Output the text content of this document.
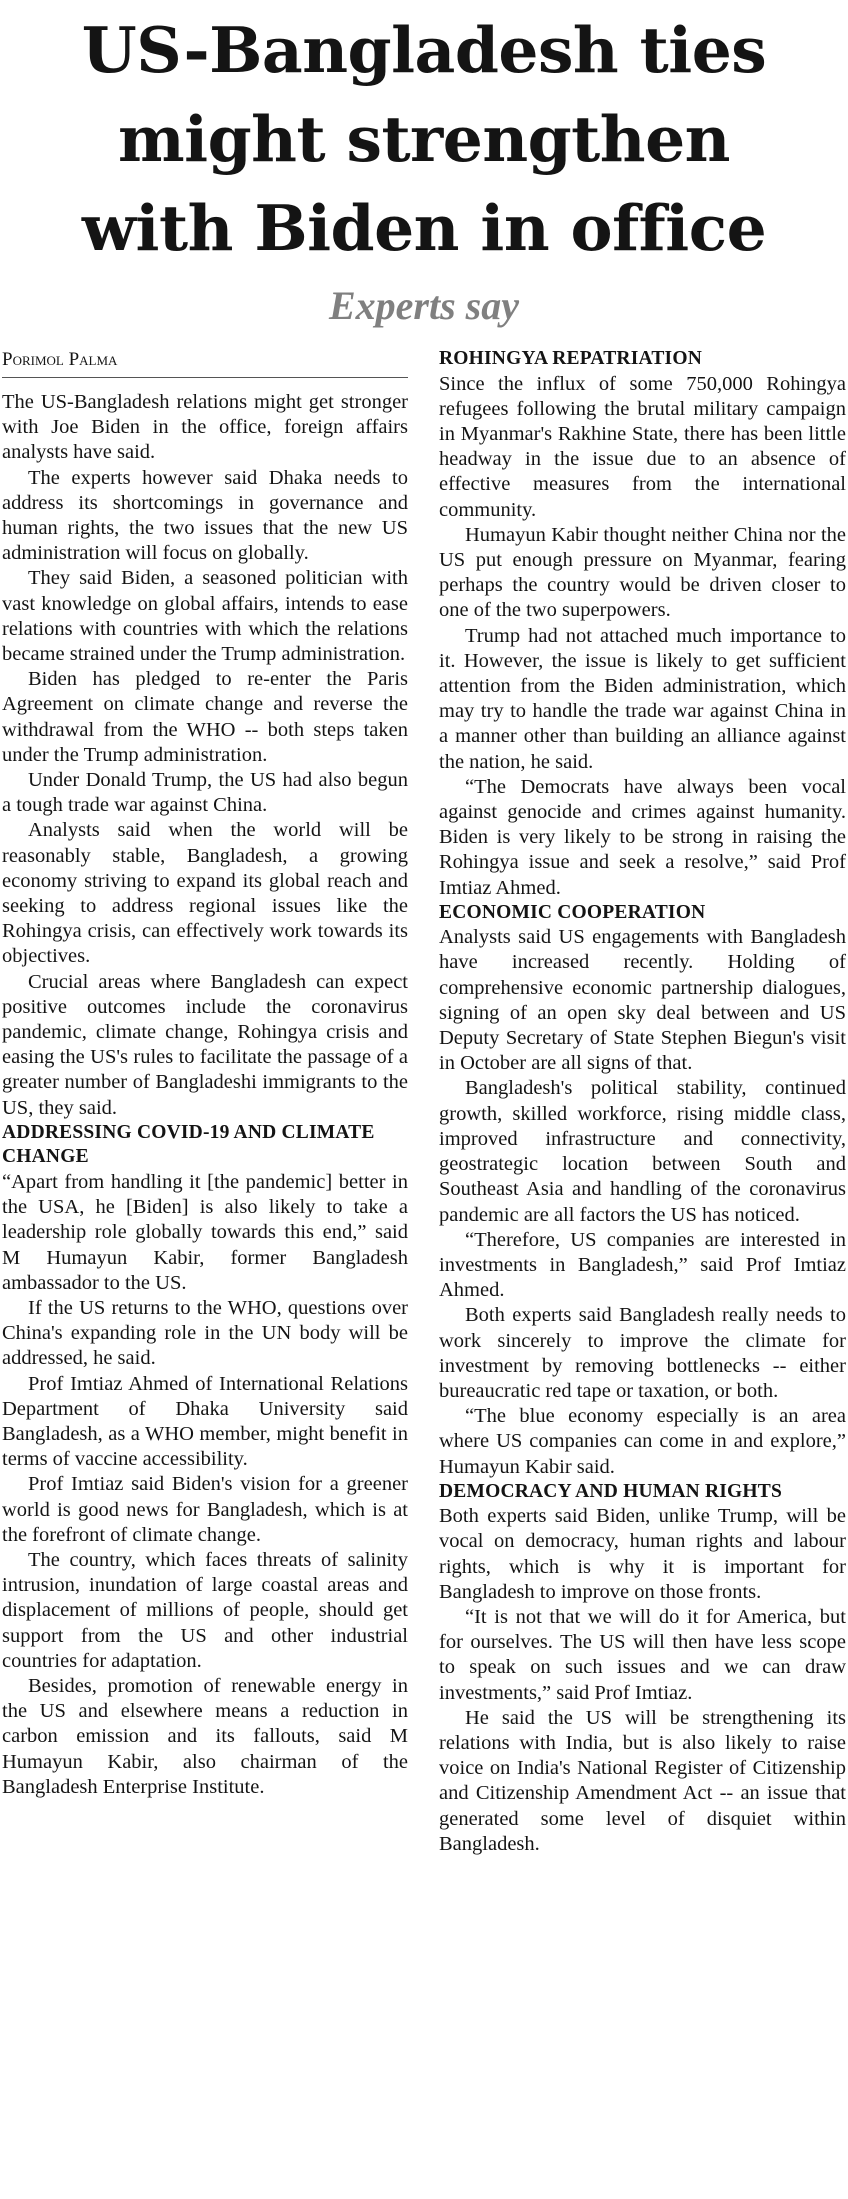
US-Bangladesh ties
might strengthen
with Biden in office
Experts say
Porimol Palma

The US-Bangladesh relations might get stronger with Joe Biden in the office, foreign affairs analysts have said.

The experts however said Dhaka needs to address its shortcomings in governance and human rights, the two issues that the new US administration will focus on globally.

They said Biden, a seasoned politician with vast knowledge on global affairs, intends to ease relations with countries with which the relations became strained under the Trump administration.

Biden has pledged to re-enter the Paris Agreement on climate change and reverse the withdrawal from the WHO -- both steps taken under the Trump administration.

Under Donald Trump, the US had also begun a tough trade war against China.

Analysts said when the world will be reasonably stable, Bangladesh, a growing economy striving to expand its global reach and seeking to address regional issues like the Rohingya crisis, can effectively work towards its objectives.

Crucial areas where Bangladesh can expect positive outcomes include the coronavirus pandemic, climate change, Rohingya crisis and easing the US's rules to facilitate the passage of a greater number of Bangladeshi immigrants to the US, they said.

ADDRESSING COVID-19 AND CLIMATE CHANGE

“Apart from handling it [the pandemic] better in the USA, he [Biden] is also likely to take a leadership role globally towards this end,” said M Humayun Kabir, former Bangladesh ambassador to the US.

If the US returns to the WHO, questions over China's expanding role in the UN body will be addressed, he said.

Prof Imtiaz Ahmed of International Relations Department of Dhaka University said Bangladesh, as a WHO member, might benefit in terms of vaccine accessibility.

Prof Imtiaz said Biden's vision for a greener world is good news for Bangladesh, which is at the forefront of climate change.

The country, which faces threats of salinity intrusion, inundation of large coastal areas and displacement of millions of people, should get support from the US and other industrial countries for adaptation.

Besides, promotion of renewable energy in the US and elsewhere means a reduction in carbon emission and its fallouts, said M Humayun Kabir, also chairman of the Bangladesh Enterprise Institute.

ROHINGYA REPATRIATION

Since the influx of some 750,000 Rohingya refugees following the brutal military campaign in Myanmar's Rakhine State, there has been little headway in the issue due to an absence of effective measures from the international community.

Humayun Kabir thought neither China nor the US put enough pressure on Myanmar, fearing perhaps the country would be driven closer to one of the two superpowers.

Trump had not attached much importance to it. However, the issue is likely to get sufficient attention from the Biden administration, which may try to handle the trade war against China in a manner other than building an alliance against the nation, he said.

“The Democrats have always been vocal against genocide and crimes against humanity. Biden is very likely to be strong in raising the Rohingya issue and seek a resolve,” said Prof Imtiaz Ahmed.

ECONOMIC COOPERATION

Analysts said US engagements with Bangladesh have increased recently. Holding of comprehensive economic partnership dialogues, signing of an open sky deal between and US Deputy Secretary of State Stephen Biegun's visit in October are all signs of that.

Bangladesh's political stability, continued growth, skilled workforce, rising middle class, improved infrastructure and connectivity, geostrategic location between South and Southeast Asia and handling of the coronavirus pandemic are all factors the US has noticed.

“Therefore, US companies are interested in investments in Bangladesh,” said Prof Imtiaz Ahmed.

Both experts said Bangladesh really needs to work sincerely to improve the climate for investment by removing bottlenecks -- either bureaucratic red tape or taxation, or both.

“The blue economy especially is an area where US companies can come in and explore,” Humayun Kabir said.

DEMOCRACY AND HUMAN RIGHTS

Both experts said Biden, unlike Trump, will be vocal on democracy, human rights and labour rights, which is why it is important for Bangladesh to improve on those fronts.

“It is not that we will do it for America, but for ourselves. The US will then have less scope to speak on such issues and we can draw investments,” said Prof Imtiaz.

He said the US will be strengthening its relations with India, but is also likely to raise voice on India's National Register of Citizenship and Citizenship Amendment Act -- an issue that generated some level of disquiet within Bangladesh.
